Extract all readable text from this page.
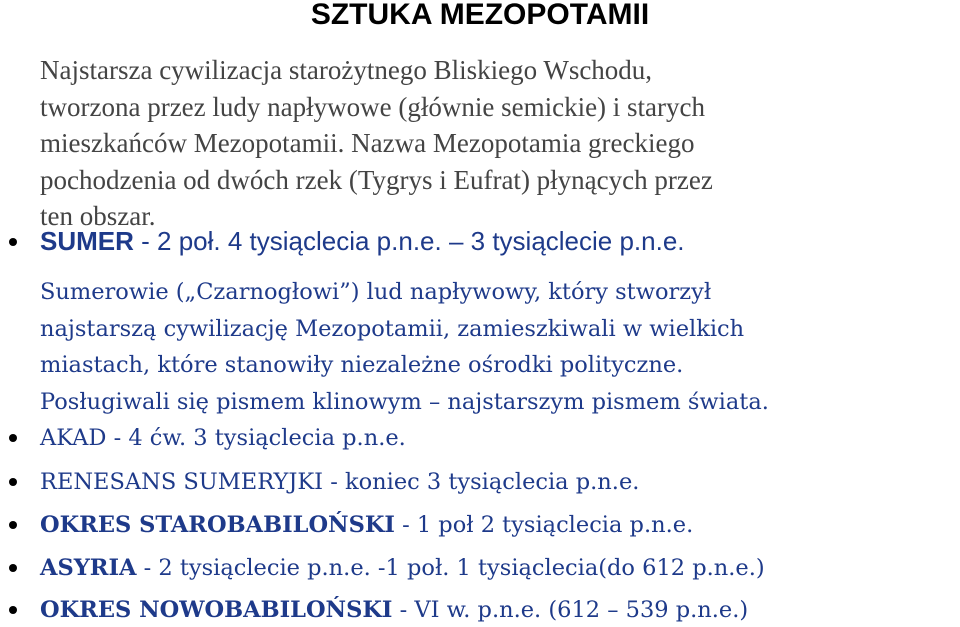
SZTUKA MEZOPOTAMII
Najstarsza cywilizacja starożytnego Bliskiego Wschodu,
tworzona przez ludy napływowe (głównie semickie) i starych
mieszkańców Mezopotamii. Nazwa Mezopotamia greckiego
pochodzenia od dwóch rzek (Tygrys i Eufrat) płynących przez
ten obszar.
SUMER - 2 poł. 4 tysiąclecia p.n.e. – 3 tysiąclecie p.n.e.
Sumerowie („Czarnogłowi”) lud napływowy, który stworzył
najstarszą cywilizację Mezopotamii, zamieszkiwali w wielkich
miastach, które stanowiły niezależne ośrodki polityczne.
Posługiwali się pismem klinowym – najstarszym pismem świata.
AKAD - 4 ćw. 3 tysiąclecia p.n.e.
RENESANS SUMERYJKI - koniec 3 tysiąclecia p.n.e.
OKRES STAROBABILOŃSKI - 1 poł 2 tysiąclecia p.n.e.
ASYRIA - 2 tysiąclecie p.n.e. -1 poł. 1 tysiąclecia(do 612 p.n.e.)
OKRES NOWOBABILOŃSKI - VI w. p.n.e. (612 – 539 p.n.e.)
